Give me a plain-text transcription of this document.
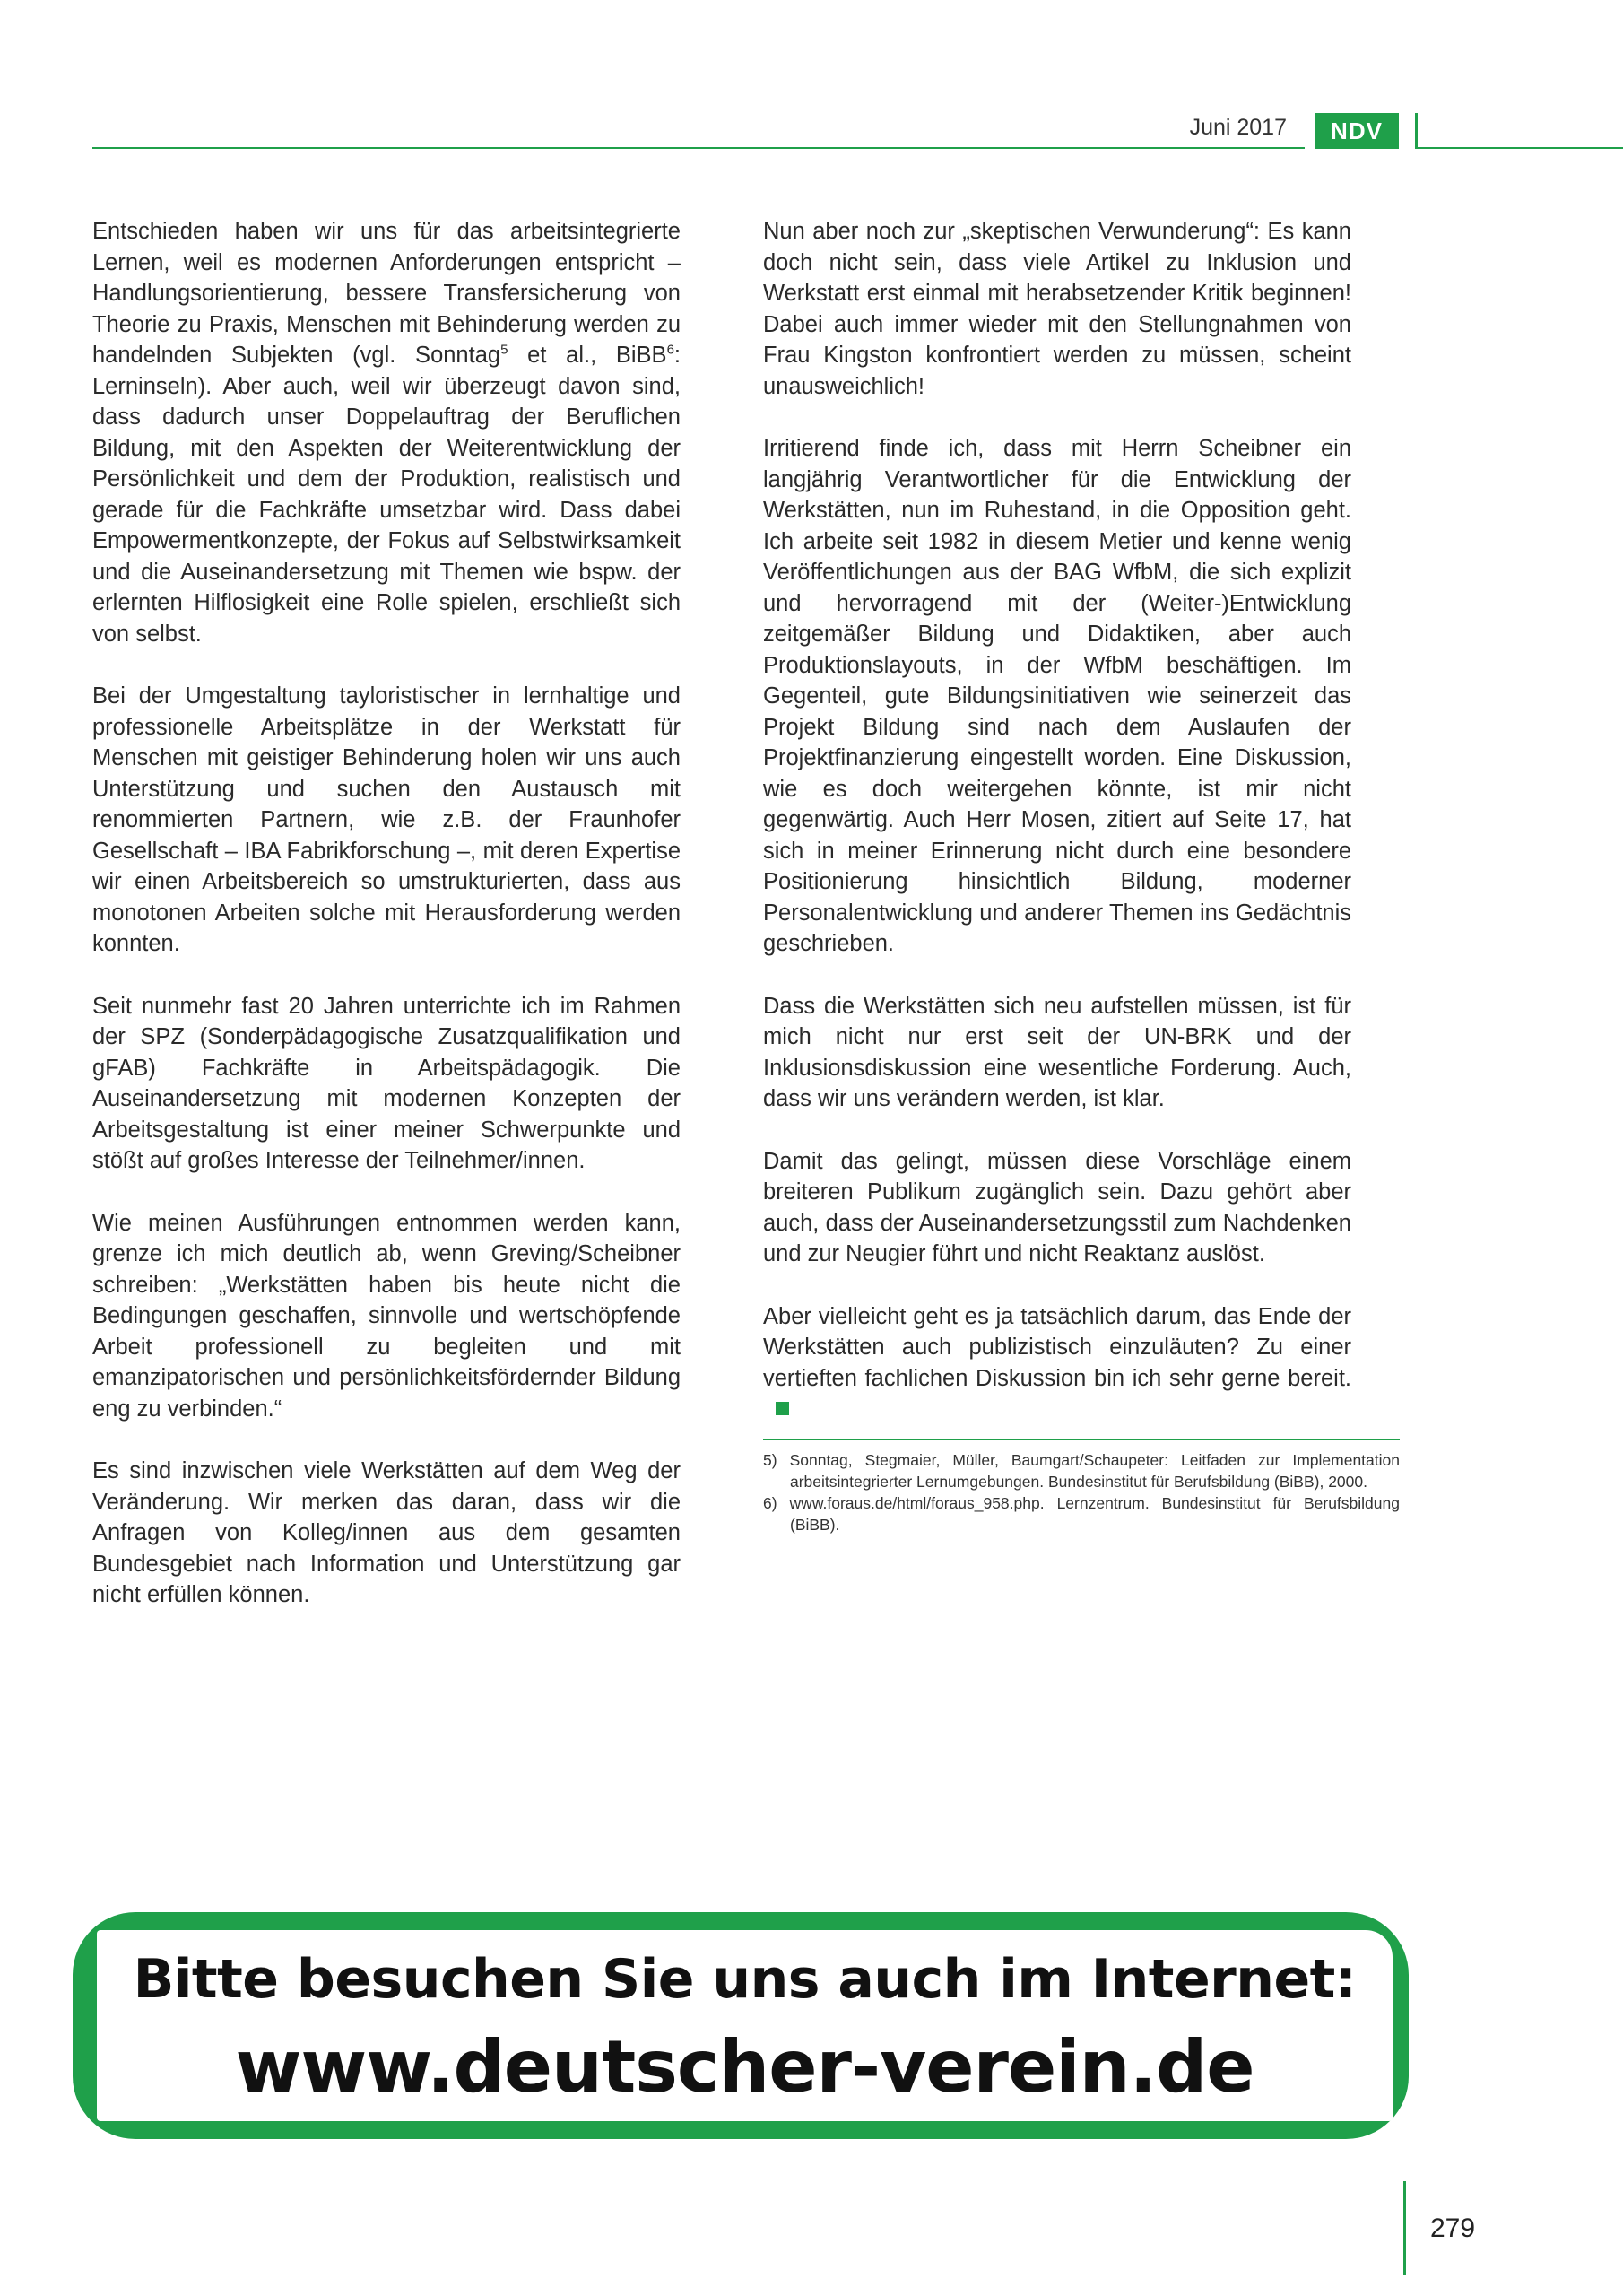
Juni 2017	NDV

Entschieden haben wir uns für das arbeitsintegrierte Lernen, weil es modernen Anforderungen entspricht – Handlungsorientierung, bessere Transfersicherung von Theorie zu Praxis, Menschen mit Behinderung werden zu handelnden Subjekten (vgl. Sonntag$^5$ et al., BiBB$^6$: Lerninseln). Aber auch, weil wir überzeugt davon sind, dass dadurch unser Doppelauftrag der Beruflichen Bildung, mit den Aspekten der Weiterentwicklung der Persönlichkeit und dem der Produktion, realistisch und gerade für die Fachkräfte umsetzbar wird. Dass dabei Empowermentkonzepte, der Fokus auf Selbstwirksamkeit und die Auseinandersetzung mit Themen wie bspw. der erlernten Hilflosigkeit eine Rolle spielen, erschließt sich von selbst.

Bei der Umgestaltung tayloristischer in lernhaltige und professionelle Arbeitsplätze in der Werkstatt für Menschen mit geistiger Behinderung holen wir uns auch Unterstützung und suchen den Austausch mit renommierten Partnern, wie z.B. der Fraunhofer Gesellschaft – IBA Fabrikforschung –, mit deren Expertise wir einen Arbeitsbereich so umstrukturierten, dass aus monotonen Arbeiten solche mit Herausforderung werden konnten.

Seit nunmehr fast 20 Jahren unterrichte ich im Rahmen der SPZ (Sonderpädagogische Zusatzqualifikation und gFAB) Fachkräfte in Arbeitspädagogik. Die Auseinandersetzung mit modernen Konzepten der Arbeitsgestaltung ist einer meiner Schwerpunkte und stößt auf großes Interesse der Teilnehmer/innen.

Wie meinen Ausführungen entnommen werden kann, grenze ich mich deutlich ab, wenn Greving/Scheibner schreiben: „Werkstätten haben bis heute nicht die Bedingungen geschaffen, sinnvolle und wertschöpfende Arbeit professionell zu begleiten und mit emanzipatorischen und persönlichkeitsfördernder Bildung eng zu verbinden.“

Es sind inzwischen viele Werkstätten auf dem Weg der Veränderung. Wir merken das daran, dass wir die Anfragen von Kolleg/innen aus dem gesamten Bundesgebiet nach Information und Unterstützung gar nicht erfüllen können.

Nun aber noch zur „skeptischen Verwunderung“: Es kann doch nicht sein, dass viele Artikel zu Inklusion und Werkstatt erst einmal mit herabsetzender Kritik beginnen! Dabei auch immer wieder mit den Stellungnahmen von Frau Kingston konfrontiert werden zu müssen, scheint unausweichlich!

Irritierend finde ich, dass mit Herrn Scheibner ein langjährig Verantwortlicher für die Entwicklung der Werkstätten, nun im Ruhestand, in die Opposition geht. Ich arbeite seit 1982 in diesem Metier und kenne wenig Veröffentlichungen aus der BAG WfbM, die sich explizit und hervorragend mit der (Weiter-)Entwicklung zeitgemäßer Bildung und Didaktiken, aber auch Produktionslayouts, in der WfbM beschäftigen. Im Gegenteil, gute Bildungsinitiativen wie seinerzeit das Projekt Bildung sind nach dem Auslaufen der Projektfinanzierung eingestellt worden. Eine Diskussion, wie es doch weitergehen könnte, ist mir nicht gegenwärtig. Auch Herr Mosen, zitiert auf Seite 17, hat sich in meiner Erinnerung nicht durch eine besondere Positionierung hinsichtlich Bildung, moderner Personalentwicklung und anderer Themen ins Gedächtnis geschrieben.

Dass die Werkstätten sich neu aufstellen müssen, ist für mich nicht nur erst seit der UN-BRK und der Inklusionsdiskussion eine wesentliche Forderung. Auch, dass wir uns verändern werden, ist klar.

Damit das gelingt, müssen diese Vorschläge einem breiteren Publikum zugänglich sein. Dazu gehört aber auch, dass der Auseinandersetzungsstil zum Nachdenken und zur Neugier führt und nicht Reaktanz auslöst.

Aber vielleicht geht es ja tatsächlich darum, das Ende der Werkstätten auch publizistisch einzuläuten? Zu einer vertieften fachlichen Diskussion bin ich sehr gerne bereit.

5) Sonntag, Stegmaier, Müller, Baumgart/Schaupeter: Leitfaden zur Implementation arbeitsintegrierter Lernumgebungen. Bundesinstitut für Berufsbildung (BiBB), 2000.

6) www.foraus.de/html/foraus_958.php. Lernzentrum. Bundesinstitut für Berufsbildung (BiBB).

Bitte besuchen Sie uns auch im Internet:
www.deutscher-verein.de
279
